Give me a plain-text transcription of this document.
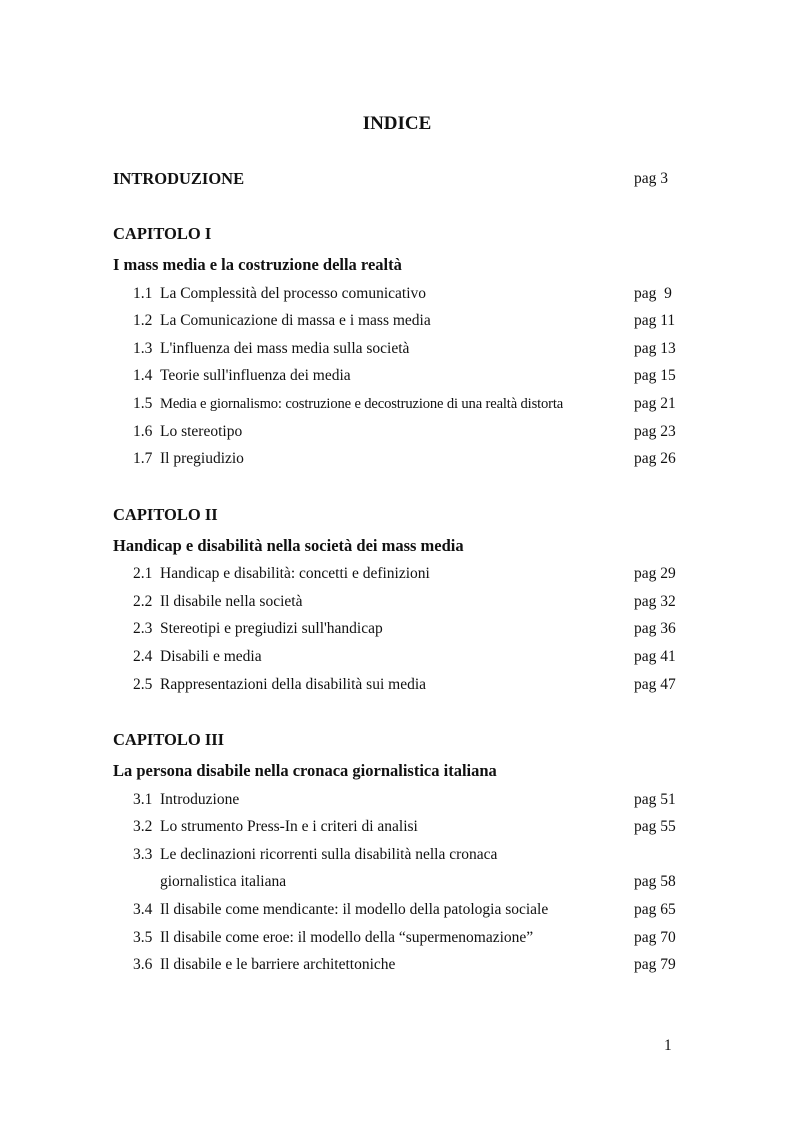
INDICE
INTRODUZIONE	pag 3
CAPITOLO I
I mass media e la costruzione della realtà
1.1 La Complessità del processo comunicativo	pag  9
1.2 La Comunicazione di massa e i mass media	pag 11
1.3 L'influenza dei mass media sulla società	pag 13
1.4 Teorie sull'influenza dei media	pag 15
1.5 Media e giornalismo: costruzione e decostruzione di una realtà distorta	pag 21
1.6 Lo stereotipo	pag 23
1.7 Il pregiudizio	pag 26
CAPITOLO II
Handicap e disabilità nella società dei mass media
2.1 Handicap e disabilità: concetti e definizioni	pag 29
2.2 Il disabile nella società	pag 32
2.3 Stereotipi e pregiudizi sull'handicap	pag 36
2.4 Disabili e media	pag 41
2.5 Rappresentazioni della disabilità sui media	pag 47
CAPITOLO III
La persona disabile nella cronaca giornalistica italiana
3.1 Introduzione	pag 51
3.2 Lo strumento Press-In e i criteri di analisi	pag 55
3.3 Le declinazioni ricorrenti sulla disabilità nella cronaca
giornalistica italiana	pag 58
3.4 Il disabile come mendicante: il modello della patologia sociale	pag 65
3.5 Il disabile come eroe: il modello della “supermenomazione”	pag 70
3.6 Il disabile e le barriere architettoniche	pag 79
1
